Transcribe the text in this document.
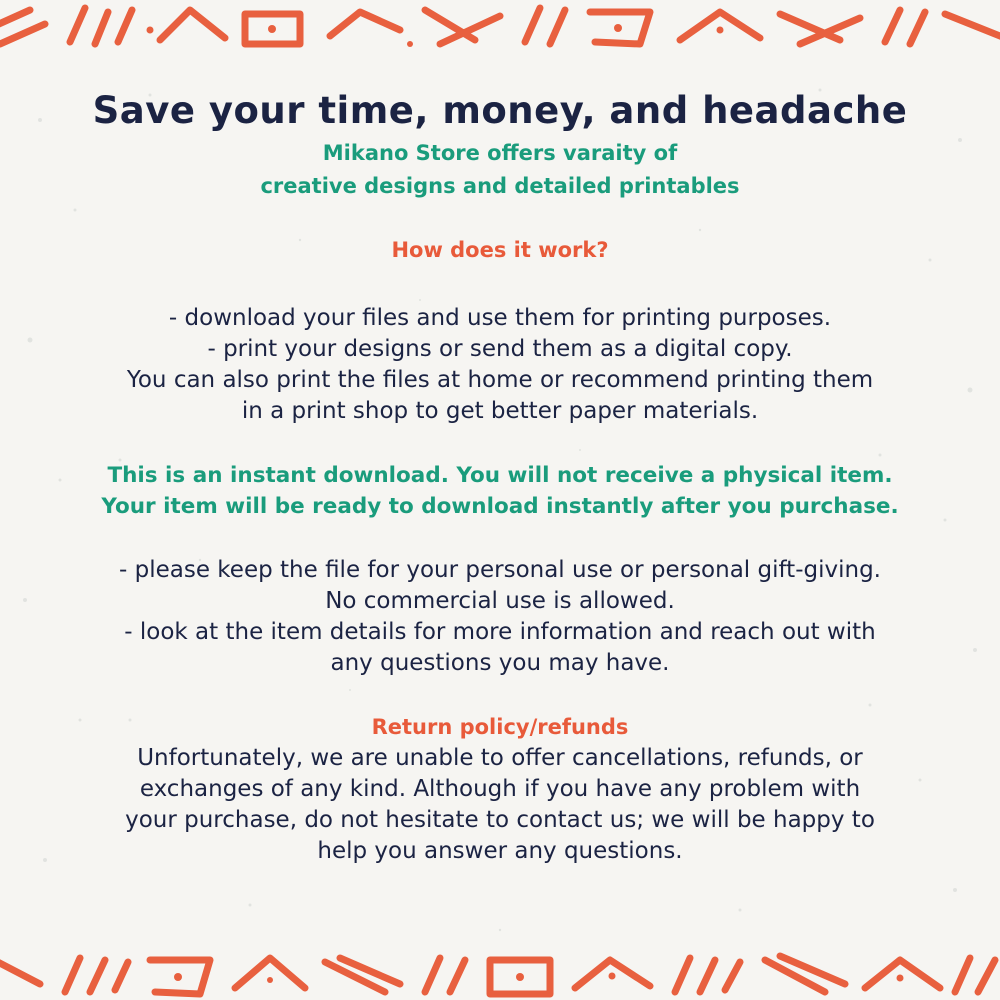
Save your time, money, and headache

Mikano Store offers varaity of

creative designs and detailed printables

How does it work?

- download your files and use them for printing purposes.

- print your designs or send them as a digital copy.

You can also print the files at home or recommend printing them

in a print shop to get better paper materials.

This is an instant download. You will not receive a physical item.

Your item will be ready to download instantly after you purchase.

- please keep the file for your personal use or personal gift-giving.

No commercial use is allowed.

- look at the item details for more information and reach out with

any questions you may have.

Return policy/refunds

Unfortunately, we are unable to offer cancellations, refunds, or

exchanges of any kind. Although if you have any problem with

your purchase, do not hesitate to contact us; we will be happy to

help you answer any questions.
